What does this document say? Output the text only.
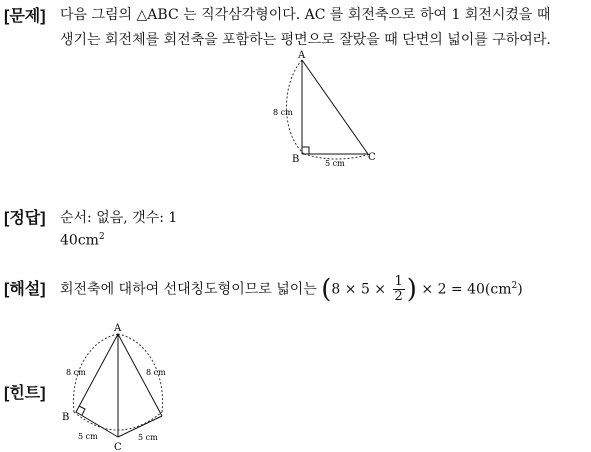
[문제] 다음 그림의 △ABC 는 직각삼각형이다. AC 를 회전축으로 하여 1 회전시켰을 때
생기는 회전체를 회전축을 포함하는 평면으로 잘랐을 때 단면의 넓이를 구하여라.
A
B	C
8 cm
5 cm
[정답] 순서: 없음, 갯수: 1
$40cm^2$
[해설] 회전축에 대하여 선대칭도형이므로 넓이는 ($8 \times 5 \times \frac{1}{2}$ ) × $2 = 40(cm^2)$
[힌트]
A
B
C
8 cm	8 cm
5 cm	5 cm
